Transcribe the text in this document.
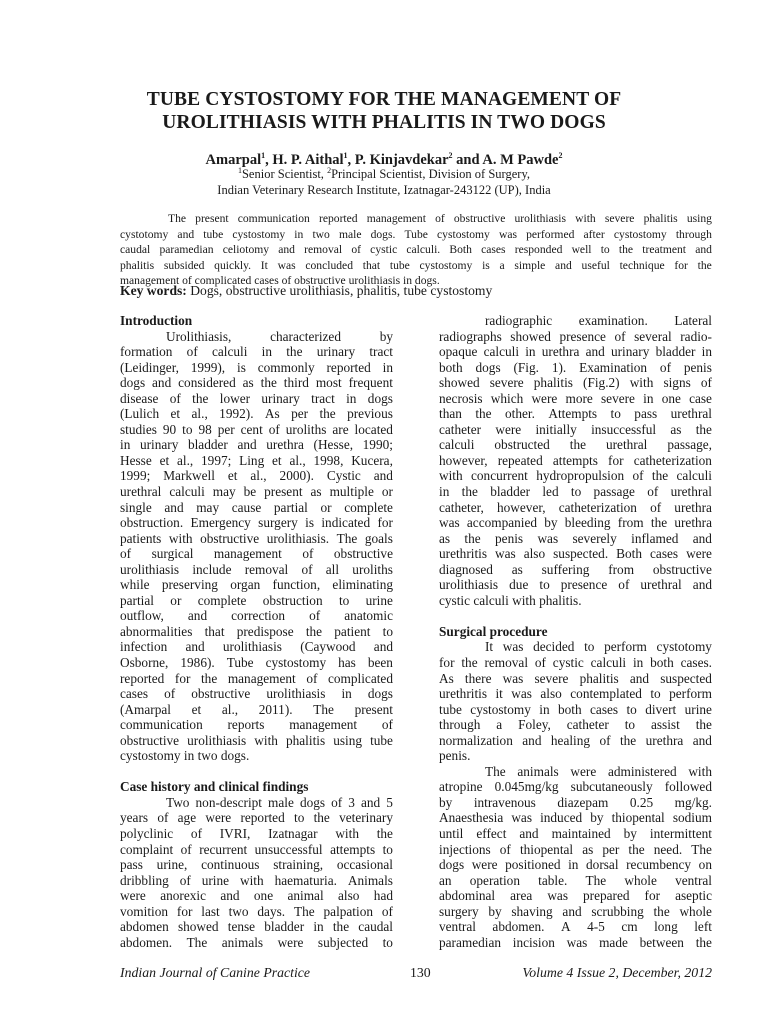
TUBE CYSTOSTOMY FOR THE MANAGEMENT OF
UROLITHIASIS WITH PHALITIS IN TWO DOGS
Amarpal$^1$, H. P. Aithal$^1$, P. Kinjavdekar$^2$ and A. M Pawde$^2$
$^1$Senior Scientist, $^2$Principal Scientist, Division of Surgery,
Indian Veterinary Research Institute, Izatnagar-243122 (UP), India
The present communication reported management of obstructive urolithiasis with severe phalitis using
cystotomy and tube cystostomy in two male dogs. Tube cystostomy was performed after cystostomy through
caudal paramedian celiotomy and removal of cystic calculi. Both cases responded well to the treatment and
phalitis subsided quickly. It was concluded that tube cystostomy is a simple and useful technique for the
management of complicated cases of obstructive urolithiasis in dogs.
Key words: Dogs, obstructive urolithiasis, phalitis, tube cystostomy
Introduction
Urolithiasis,	characterized	by
formation of calculi in the urinary tract
(Leidinger, 1999), is commonly reported in
dogs and considered as the third most frequent
disease of the lower urinary tract in dogs
(Lulich et al., 1992). As per the previous
studies 90 to 98 per cent of uroliths are located
in urinary bladder and urethra (Hesse, 1990;
Hesse et al., 1997; Ling et al., 1998, Kucera,
1999; Markwell et al., 2000). Cystic and
urethral calculi may be present as multiple or
single and may cause partial or complete
obstruction. Emergency surgery is indicated for
patients with obstructive urolithiasis. The goals
of surgical management of obstructive
urolithiasis include removal of all uroliths
while preserving organ function, eliminating
partial or complete obstruction to urine
outflow, and correction of anatomic
abnormalities that predispose the patient to
infection and urolithiasis (Caywood and
Osborne, 1986). Tube cystostomy has been
reported for the management of complicated
cases of obstructive urolithiasis in dogs
(Amarpal et al., 2011). The present
communication reports management of
obstructive urolithiasis with phalitis using tube
cystostomy in two dogs.
Case history and clinical findings
Two non-descript male dogs of 3 and 5
years of age were reported to the veterinary
polyclinic of IVRI, Izatnagar with the
complaint of recurrent unsuccessful attempts to
pass urine, continuous straining, occasional
dribbling of urine with haematuria. Animals
were anorexic and one animal also had
vomition for last two days. The palpation of
abdomen showed tense bladder in the caudal
abdomen. The animals were subjected to
radiographic examination. Lateral
radiographs showed presence of several radio-
opaque calculi in urethra and urinary bladder in
both dogs (Fig. 1). Examination of penis
showed severe phalitis (Fig.2) with signs of
necrosis which were more severe in one case
than the other. Attempts to pass urethral
catheter were initially insuccessful as the
calculi obstructed the urethral passage,
however, repeated attempts for catheterization
with concurrent hydropropulsion of the calculi
in the bladder led to passage of urethral
catheter, however, catheterization of urethra
was accompanied by bleeding from the urethra
as the penis was severely inflamed and
urethritis was also suspected. Both cases were
diagnosed as suffering from obstructive
urolithiasis due to presence of urethral and
cystic calculi with phalitis.
Surgical procedure
It was decided to perform cystotomy
for the removal of cystic calculi in both cases.
As there was severe phalitis and suspected
urethritis it was also contemplated to perform
tube cystostomy in both cases to divert urine
through a Foley, catheter to assist the
normalization and healing of the urethra and
penis.
The animals were administered with
atropine 0.045mg/kg subcutaneously followed
by intravenous diazepam 0.25 mg/kg.
Anaesthesia was induced by thiopental sodium
until effect and maintained by intermittent
injections of thiopental as per the need. The
dogs were positioned in dorsal recumbency on
an operation table. The whole ventral
abdominal area was prepared for aseptic
surgery by shaving and scrubbing the whole
ventral abdomen. A 4-5 cm long left
paramedian incision was made between the
Indian Journal of Canine Practice	130	Volume 4 Issue 2, December, 2012
